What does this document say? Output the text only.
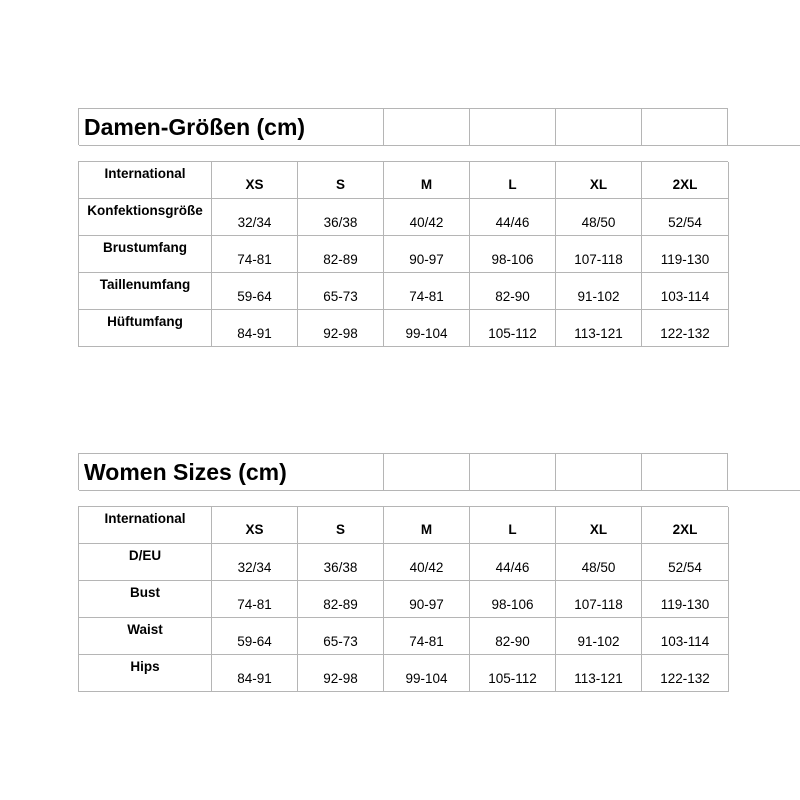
Damen-Größen (cm)
International
XS	S	M	L	XL	2XL
Konfektionsgröße
32/34	36/38	40/42	44/46	48/50	52/54
Brustumfang
74-81	82-89	90-97	98-106	107-118	119-130
Taillenumfang
59-64	65-73	74-81	82-90	91-102	103-114
Hüftumfang
84-91	92-98	99-104	105-112	113-121	122-132
Women Sizes (cm)
International
XS	S	M	L	XL	2XL
D/EU
32/34	36/38	40/42	44/46	48/50	52/54
Bust
74-81	82-89	90-97	98-106	107-118	119-130
Waist
59-64	65-73	74-81	82-90	91-102	103-114
Hips
84-91	92-98	99-104	105-112	113-121	122-132
